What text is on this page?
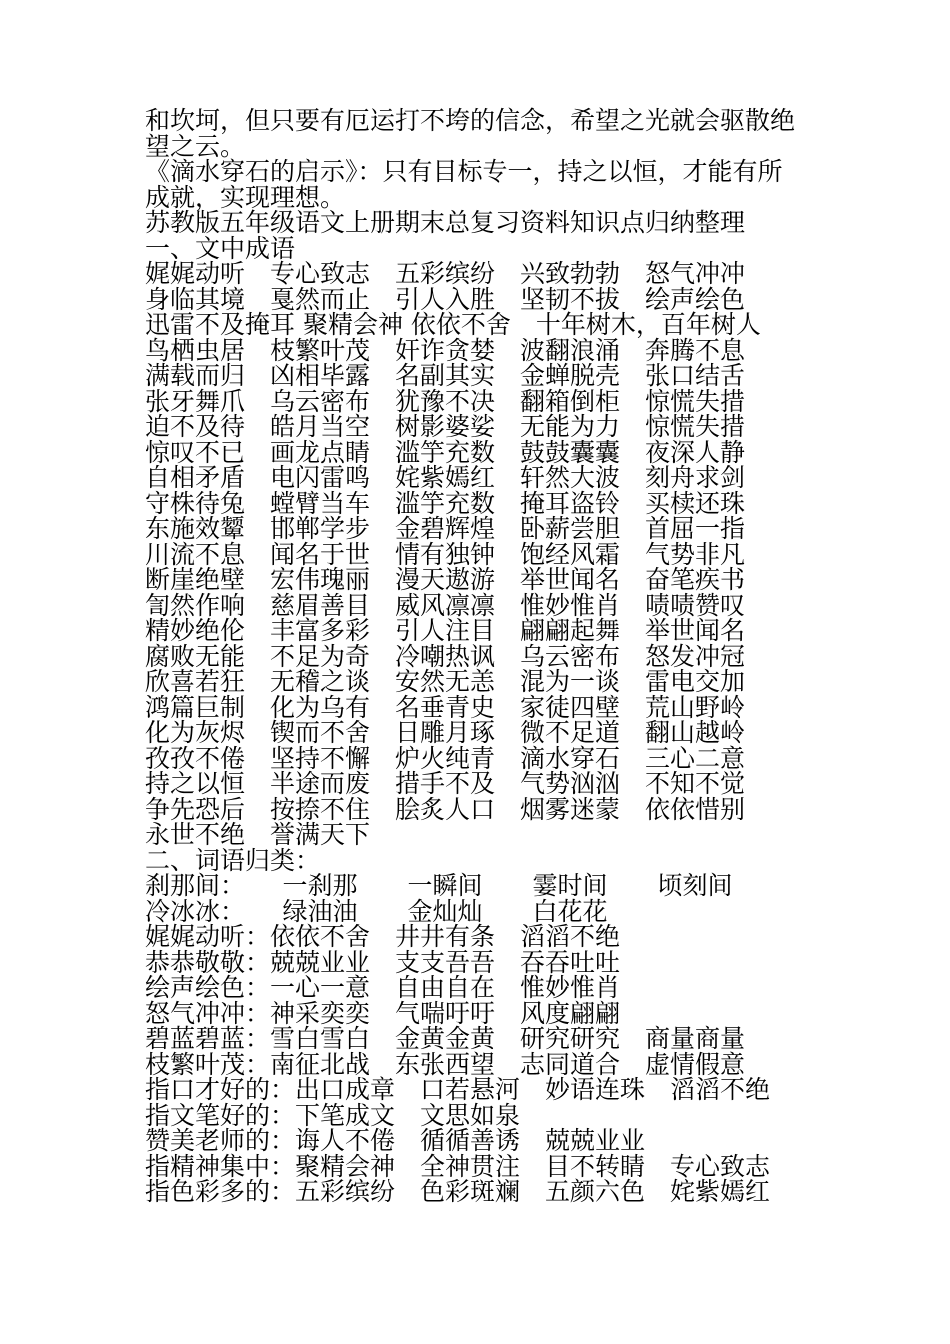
和坎坷，但只要有厄运打不垮的信念，希望之光就会驱散绝
望之云。
《滴水穿石的启示》：只有目标专一，持之以恒，才能有所
成就，实现理想。
苏教版五年级语文上册期末总复习资料知识点归纳整理
一、文中成语
娓娓动听　专心致志　五彩缤纷　兴致勃勃　怒气冲冲
身临其境　戛然而止　引人入胜　坚韧不拔　绘声绘色
迅雷不及掩耳 聚精会神 依依不舍　十年树木，百年树人
鸟栖虫居　枝繁叶茂　奸诈贪婪　波翻浪涌　奔腾不息
满载而归　凶相毕露　名副其实　金蝉脱壳　张口结舌
张牙舞爪　乌云密布　犹豫不决　翻箱倒柜　惊慌失措
迫不及待　皓月当空　树影婆娑　无能为力　惊慌失措
惊叹不已　画龙点睛　滥竽充数　鼓鼓囊囊　夜深人静
自相矛盾　电闪雷鸣　姹紫嫣红　轩然大波　刻舟求剑
守株待兔　螳臂当车　滥竽充数　掩耳盗铃　买椟还珠
东施效颦　邯郸学步　金碧辉煌　卧薪尝胆　首屈一指
川流不息　闻名于世　情有独钟　饱经风霜　气势非凡
断崖绝壁　宏伟瑰丽　漫天遨游　举世闻名　奋笔疾书
訇然作响　慈眉善目　威风凛凛　惟妙惟肖　啧啧赞叹
精妙绝伦　丰富多彩　引人注目　翩翩起舞　举世闻名
腐败无能　不足为奇　冷嘲热讽　乌云密布　怒发冲冠
欣喜若狂　无稽之谈　安然无恙　混为一谈　雷电交加
鸿篇巨制　化为乌有　名垂青史　家徒四壁　荒山野岭
化为灰烬　锲而不舍　日雕月琢　微不足道　翻山越岭
孜孜不倦　坚持不懈　炉火纯青　滴水穿石　三心二意
持之以恒　半途而废　措手不及　气势汹汹　不知不觉
争先恐后　按捺不住　脍炙人口　烟雾迷蒙　依依惜别
永世不绝　誉满天下
二、词语归类：
刹那间：　　一刹那　　一瞬间　　霎时间　　顷刻间
冷冰冰：　　绿油油　　金灿灿　　白花花
娓娓动听：依依不舍　井井有条　滔滔不绝
恭恭敬敬：兢兢业业　支支吾吾　吞吞吐吐
绘声绘色：一心一意　自由自在　惟妙惟肖
怒气冲冲：神采奕奕　气喘吁吁　风度翩翩
碧蓝碧蓝：雪白雪白　金黄金黄　研究研究　商量商量
枝繁叶茂：南征北战　东张西望　志同道合　虚情假意
指口才好的：出口成章　口若悬河　妙语连珠　滔滔不绝
指文笔好的：下笔成文　文思如泉
赞美老师的：诲人不倦　循循善诱　兢兢业业
指精神集中：聚精会神　全神贯注　目不转睛　专心致志
指色彩多的：五彩缤纷　色彩斑斓　五颜六色　姹紫嫣红
